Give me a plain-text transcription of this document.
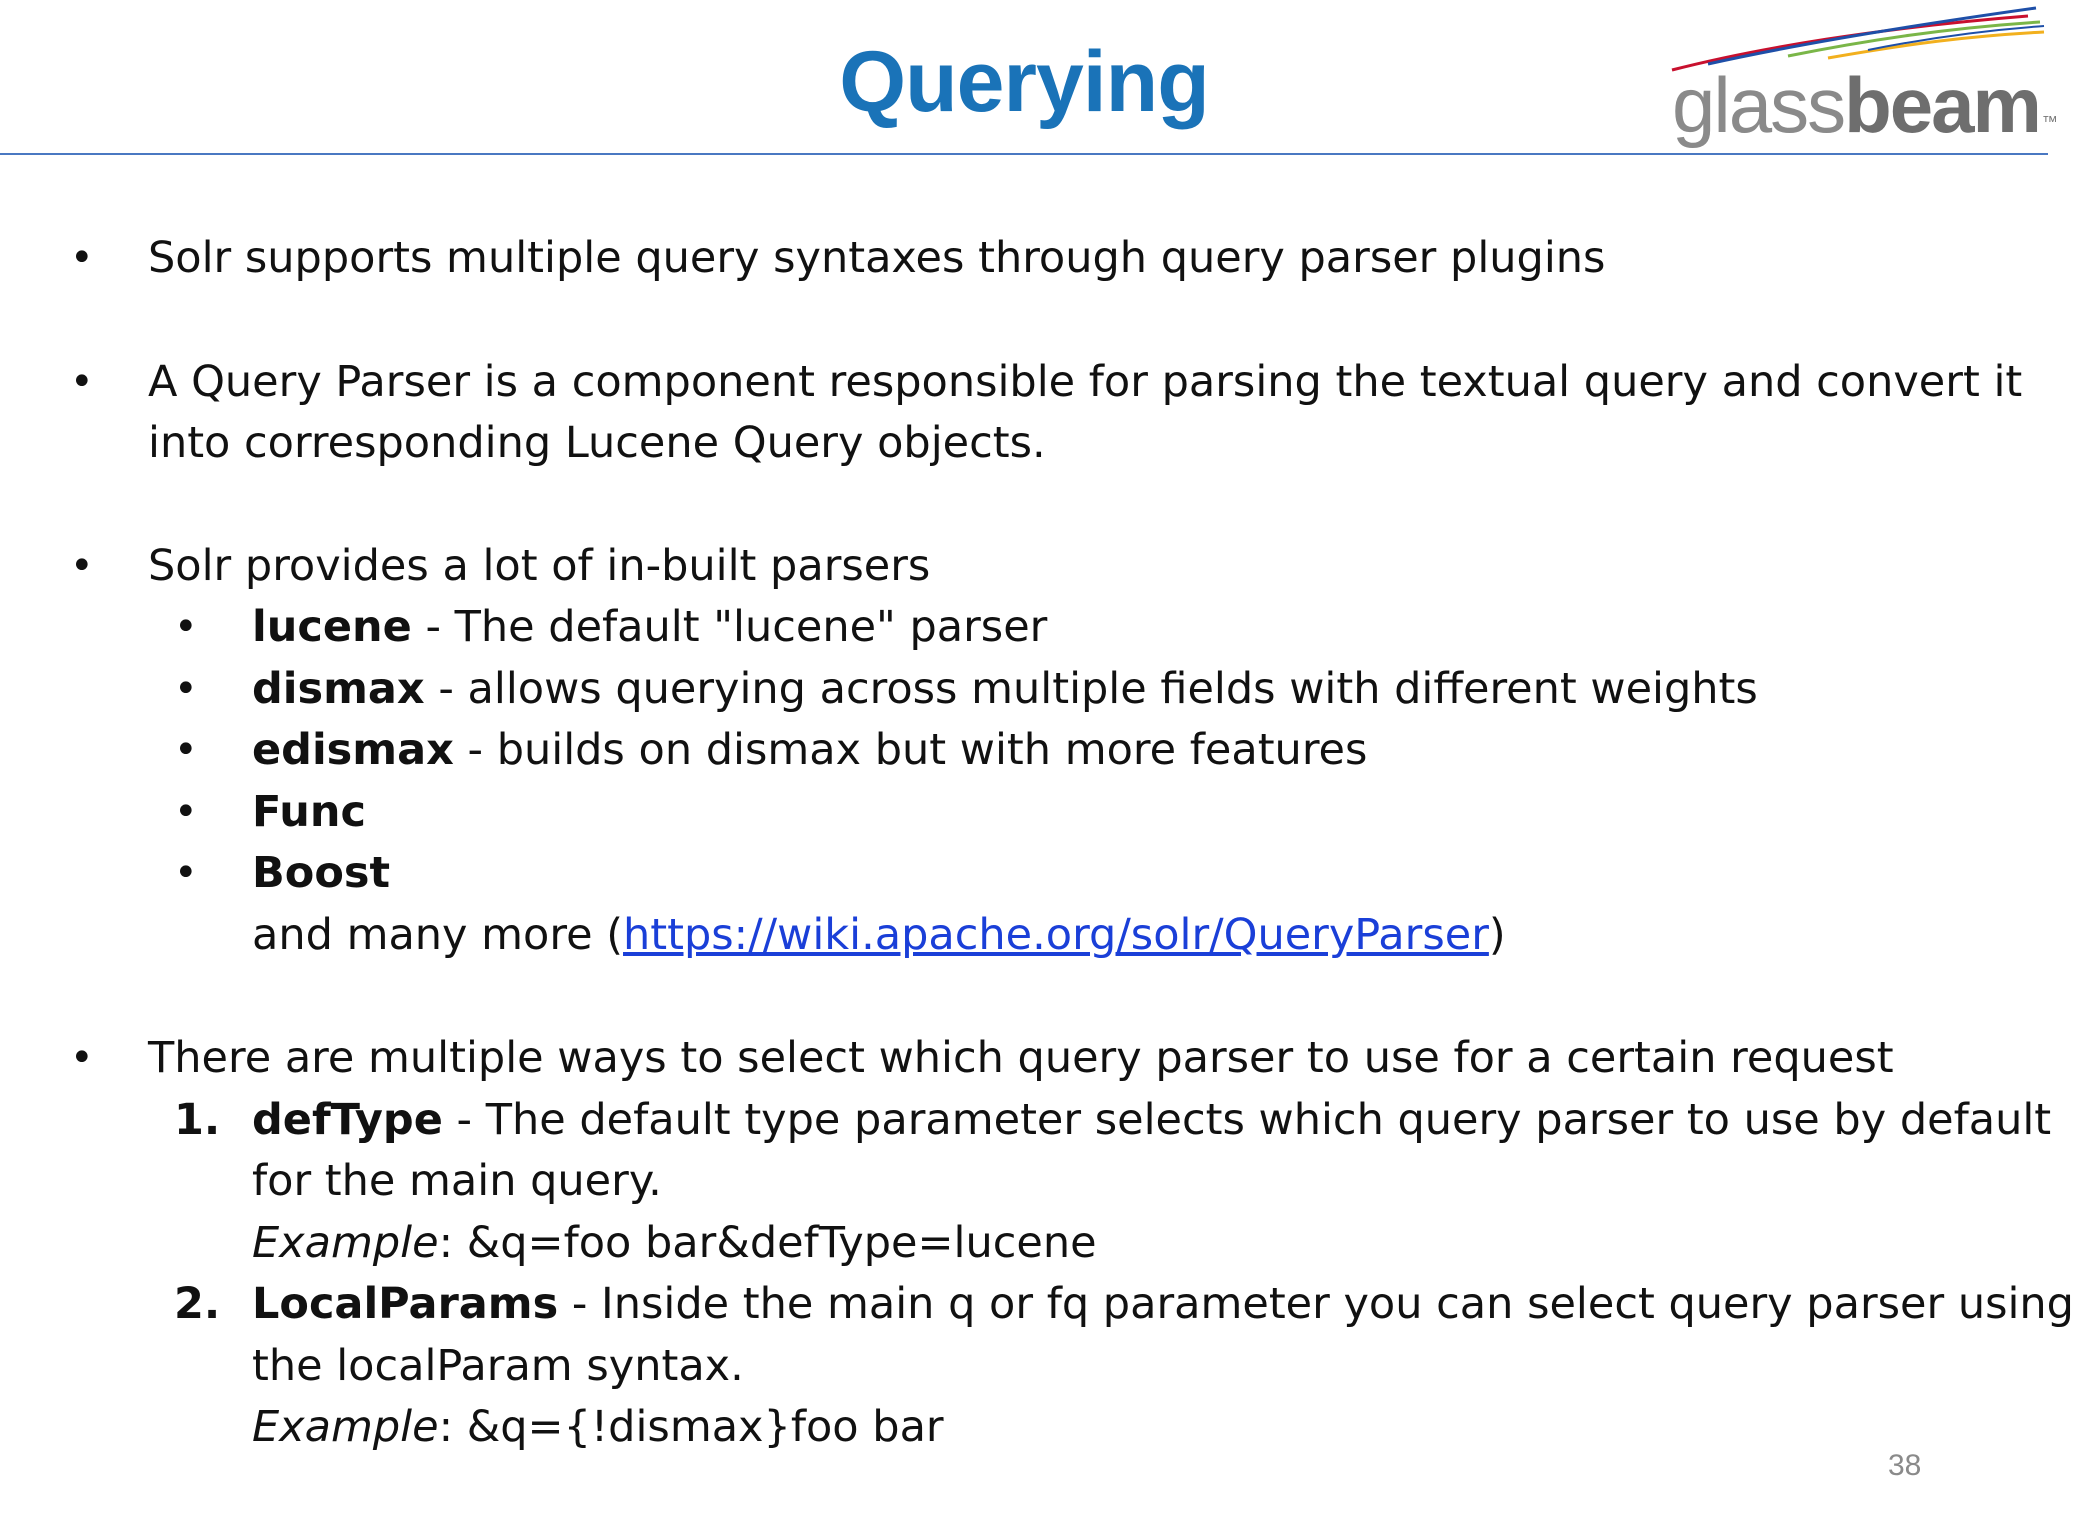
Querying	glassbeam ™
• Solr supports multiple query syntaxes through query parser plugins
• A Query Parser is a component responsible for parsing the textual query and convert it
into corresponding Lucene Query objects.
• Solr provides a lot of in-built parsers
• lucene - The default "lucene" parser
• dismax - allows querying across multiple fields with different weights
• edismax - builds on dismax but with more features
• Func
• Boost
and many more (https://wiki.apache.org/solr/QueryParser)
• There are multiple ways to select which query parser to use for a certain request
1. defType - The default type parameter selects which query parser to use by default
for the main query.
Example: &q=foo bar&defType=lucene
2. LocalParams - Inside the main q or fq parameter you can select query parser using
the localParam syntax.
Example: &q={!dismax}foo bar
38
